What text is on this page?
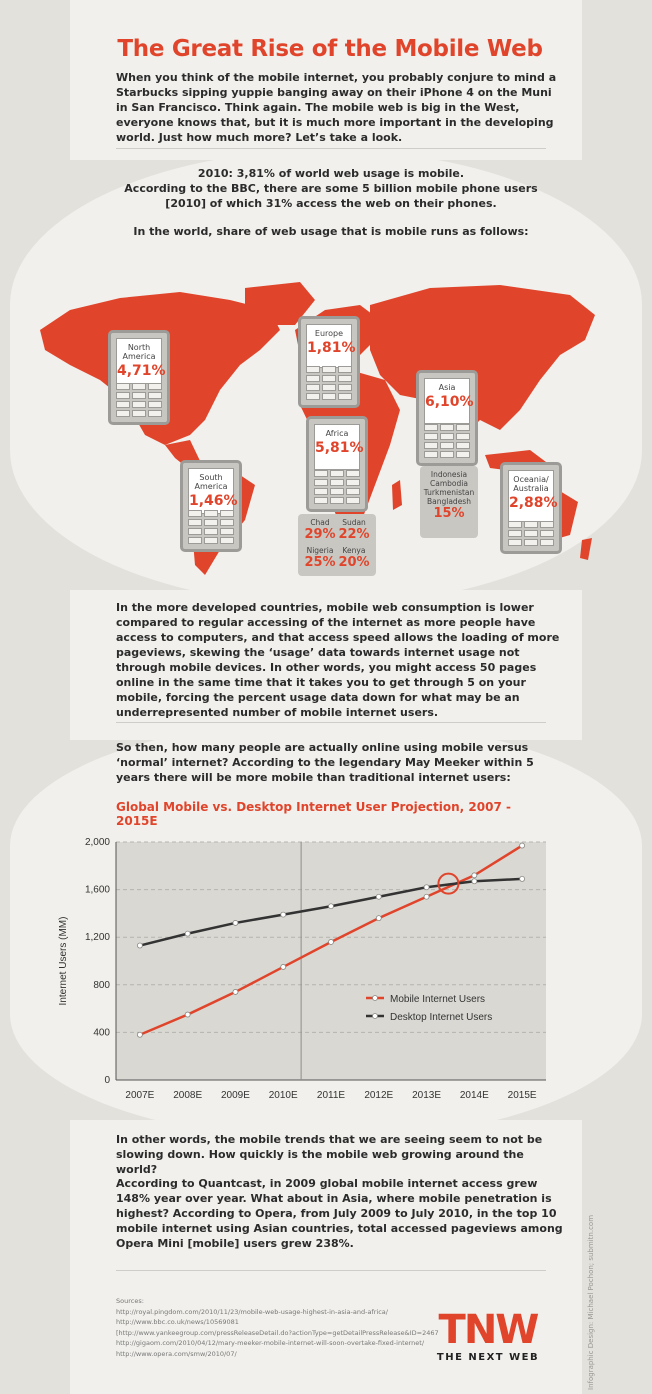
The Great Rise of the Mobile Web
When you think of the mobile internet, you probably conjure to mind a Starbucks sipping yuppie banging away on their iPhone 4 on the Muni in San Francisco. Think again. The mobile web is big in the West, everyone knows that, but it is much more important in the developing world. Just how much more? Let’s take a look.
2010: 3,81% of world web usage is mobile.
According to the BBC, there are some 5 billion mobile phone users [2010] of which 31% access the web on their phones.
In the world, share of web usage that is mobile runs as follows:
North America
4,71%
Europe
1,81%
Asia
6,10%
Africa
5,81%
South America
1,46%
Oceania/ Australia
2,88%
Chad
29%
Sudan
22%
Nigeria
25%
Kenya
20%
Indonesia
Cambodia
Turkmenistan
Bangladesh
15%
In the more developed countries, mobile web consumption is lower compared to regular accessing of the internet as more people have access to computers, and that access speed allows the loading of more pageviews, skewing the ‘usage’ data towards internet usage not through mobile devices. In other words, you might access 50 pages online in the same time that it takes you to get through 5 on your mobile, forcing the percent usage data down for what may be an underrepresented number of mobile internet users.
So then, how many people are actually online using mobile versus ‘normal’ internet? According to the legendary May Meeker within 5 years there will be more mobile than traditional internet users:
Global Mobile vs. Desktop Internet User Projection, 2007 - 2015E
0
400
800
1,200
1,600
2,000
2007E 2008E 2009E 2010E 2011E 2012E 2013E 2014E 2015E
Internet Users (MM)	Mobile Internet Users
Desktop Internet Users
In other words, the mobile trends that we are seeing seem to not be slowing down. How quickly is the mobile web growing around the world?
According to Quantcast, in 2009 global mobile internet access grew 148% year over year. What about in Asia, where mobile penetration is highest? According to Opera, from July 2009 to July 2010, in the top 10 mobile internet using Asian countries, total accessed pageviews among Opera Mini [mobile] users grew 238%.
Sources:
http://royal.pingdom.com/2010/11/23/mobile-web-usage-highest-in-asia-and-africa/
http://www.bbc.co.uk/news/10569081
[http://www.yankeegroup.com/pressReleaseDetail.do?actionType=getDetailPressRelease&ID=2467
http://gigaom.com/2010/04/12/mary-meeker-mobile-internet-will-soon-overtake-fixed-internet/
http://www.opera.com/smw/2010/07/
TNW
THE NEXT WEB	Infographic Design: Michael Pochon; submitn.com
